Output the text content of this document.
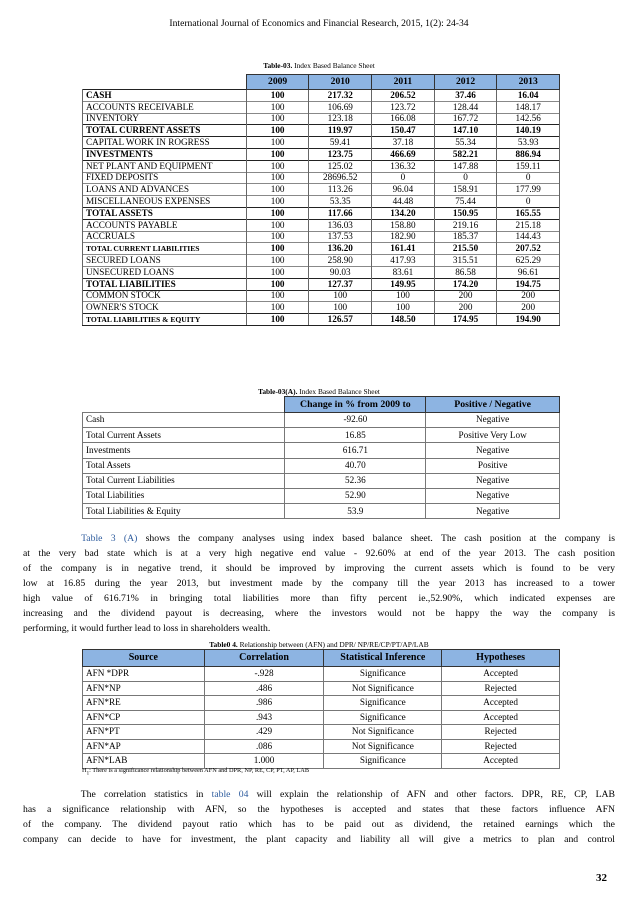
International Journal of Economics and Financial Research, 2015, 1(2): 24-34
Table-03. Index Based Balance Sheet
	2009	2010	2011	2012	2013
CASH	100	217.32	206.52	37.46	16.04
ACCOUNTS RECEIVABLE	100	106.69	123.72	128.44	148.17
INVENTORY	100	123.18	166.08	167.72	142.56
TOTAL CURRENT ASSETS	100	119.97	150.47	147.10	140.19
CAPITAL WORK IN ROGRESS	100	59.41	37.18	55.34	53.93
INVESTMENTS	100	123.75	466.69	582.21	886.94
NET PLANT AND EQUIPMENT	100	125.02	136.32	147.88	159.11
FIXED DEPOSITS	100	28696.52	0	0	0
LOANS AND ADVANCES	100	113.26	96.04	158.91	177.99
MISCELLANEOUS EXPENSES	100	53.35	44.48	75.44	0
TOTAL ASSETS	100	117.66	134.20	150.95	165.55
ACCOUNTS PAYABLE	100	136.03	158.80	219.16	215.18
ACCRUALS	100	137.53	182.90	185.37	144.43
TOTAL CURRENT LIABILITIES	100	136.20	161.41	215.50	207.52
SECURED LOANS	100	258.90	417.93	315.51	625.29
UNSECURED LOANS	100	90.03	83.61	86.58	96.61
TOTAL LIABILITIES	100	127.37	149.95	174.20	194.75
COMMON STOCK	100	100	100	200	200
OWNER'S STOCK	100	100	100	200	200
TOTAL LIABILITIES & EQUITY	100	126.57	148.50	174.95	194.90
Table-03(A). Index Based Balance Sheet
	Change in % from 2009 to	Positive / Negative
Cash	-92.60	Negative
Total Current Assets	16.85	Positive Very Low
Investments	616.71	Negative
Total Assets	40.70	Positive
Total Current Liabilities	52.36	Negative
Total Liabilities	52.90	Negative
Total Liabilities & Equity	53.9	Negative
Table 3 (A) shows the company analyses using index based balance sheet. The cash position at the company is
at the very bad state which is at a very high negative end value - 92.60% at end of the year 2013. The cash position
of the company is in negative trend, it should be improved by improving the current assets which is found to be very
low at 16.85 during the year 2013, but investment made by the company till the year 2013 has increased to a tower
high value of 616.71% in bringing total liabilities more than fifty percent ie.,52.90%, which indicated expenses are
increasing and the dividend payout is decreasing, where the investors would not be happy the way the company is
performing, it would further lead to loss in shareholders wealth.
Table0 4. Relationship between (AFN) and DPR/ NP/RE/CP/PT/AP/LAB
Source	Correlation	Statistical Inference	Hypotheses
AFN *DPR	-.928	Significance	Accepted
AFN*NP	.486	Not Significance	Rejected
AFN*RE	.986	Significance	Accepted
AFN*CP	.943	Significance	Accepted
AFN*PT	.429	Not Significance	Rejected
AFN*AP	.086	Not Significance	Rejected
AFN*LAB	1.000	Significance	Accepted
$H_1$: There is a significance relationship between AFN and DPR, NP, RE, CP, PT, AP, LAB
The correlation statistics in table 04 will explain the relationship of AFN and other factors. DPR, RE, CP, LAB
has a significance relationship with AFN, so the hypotheses is accepted and states that these factors influence AFN
of the company. The dividend payout ratio which has to be paid out as dividend, the retained earnings which the
company can decide to have for investment, the plant capacity and liability all will give a metrics to plan and control
32
